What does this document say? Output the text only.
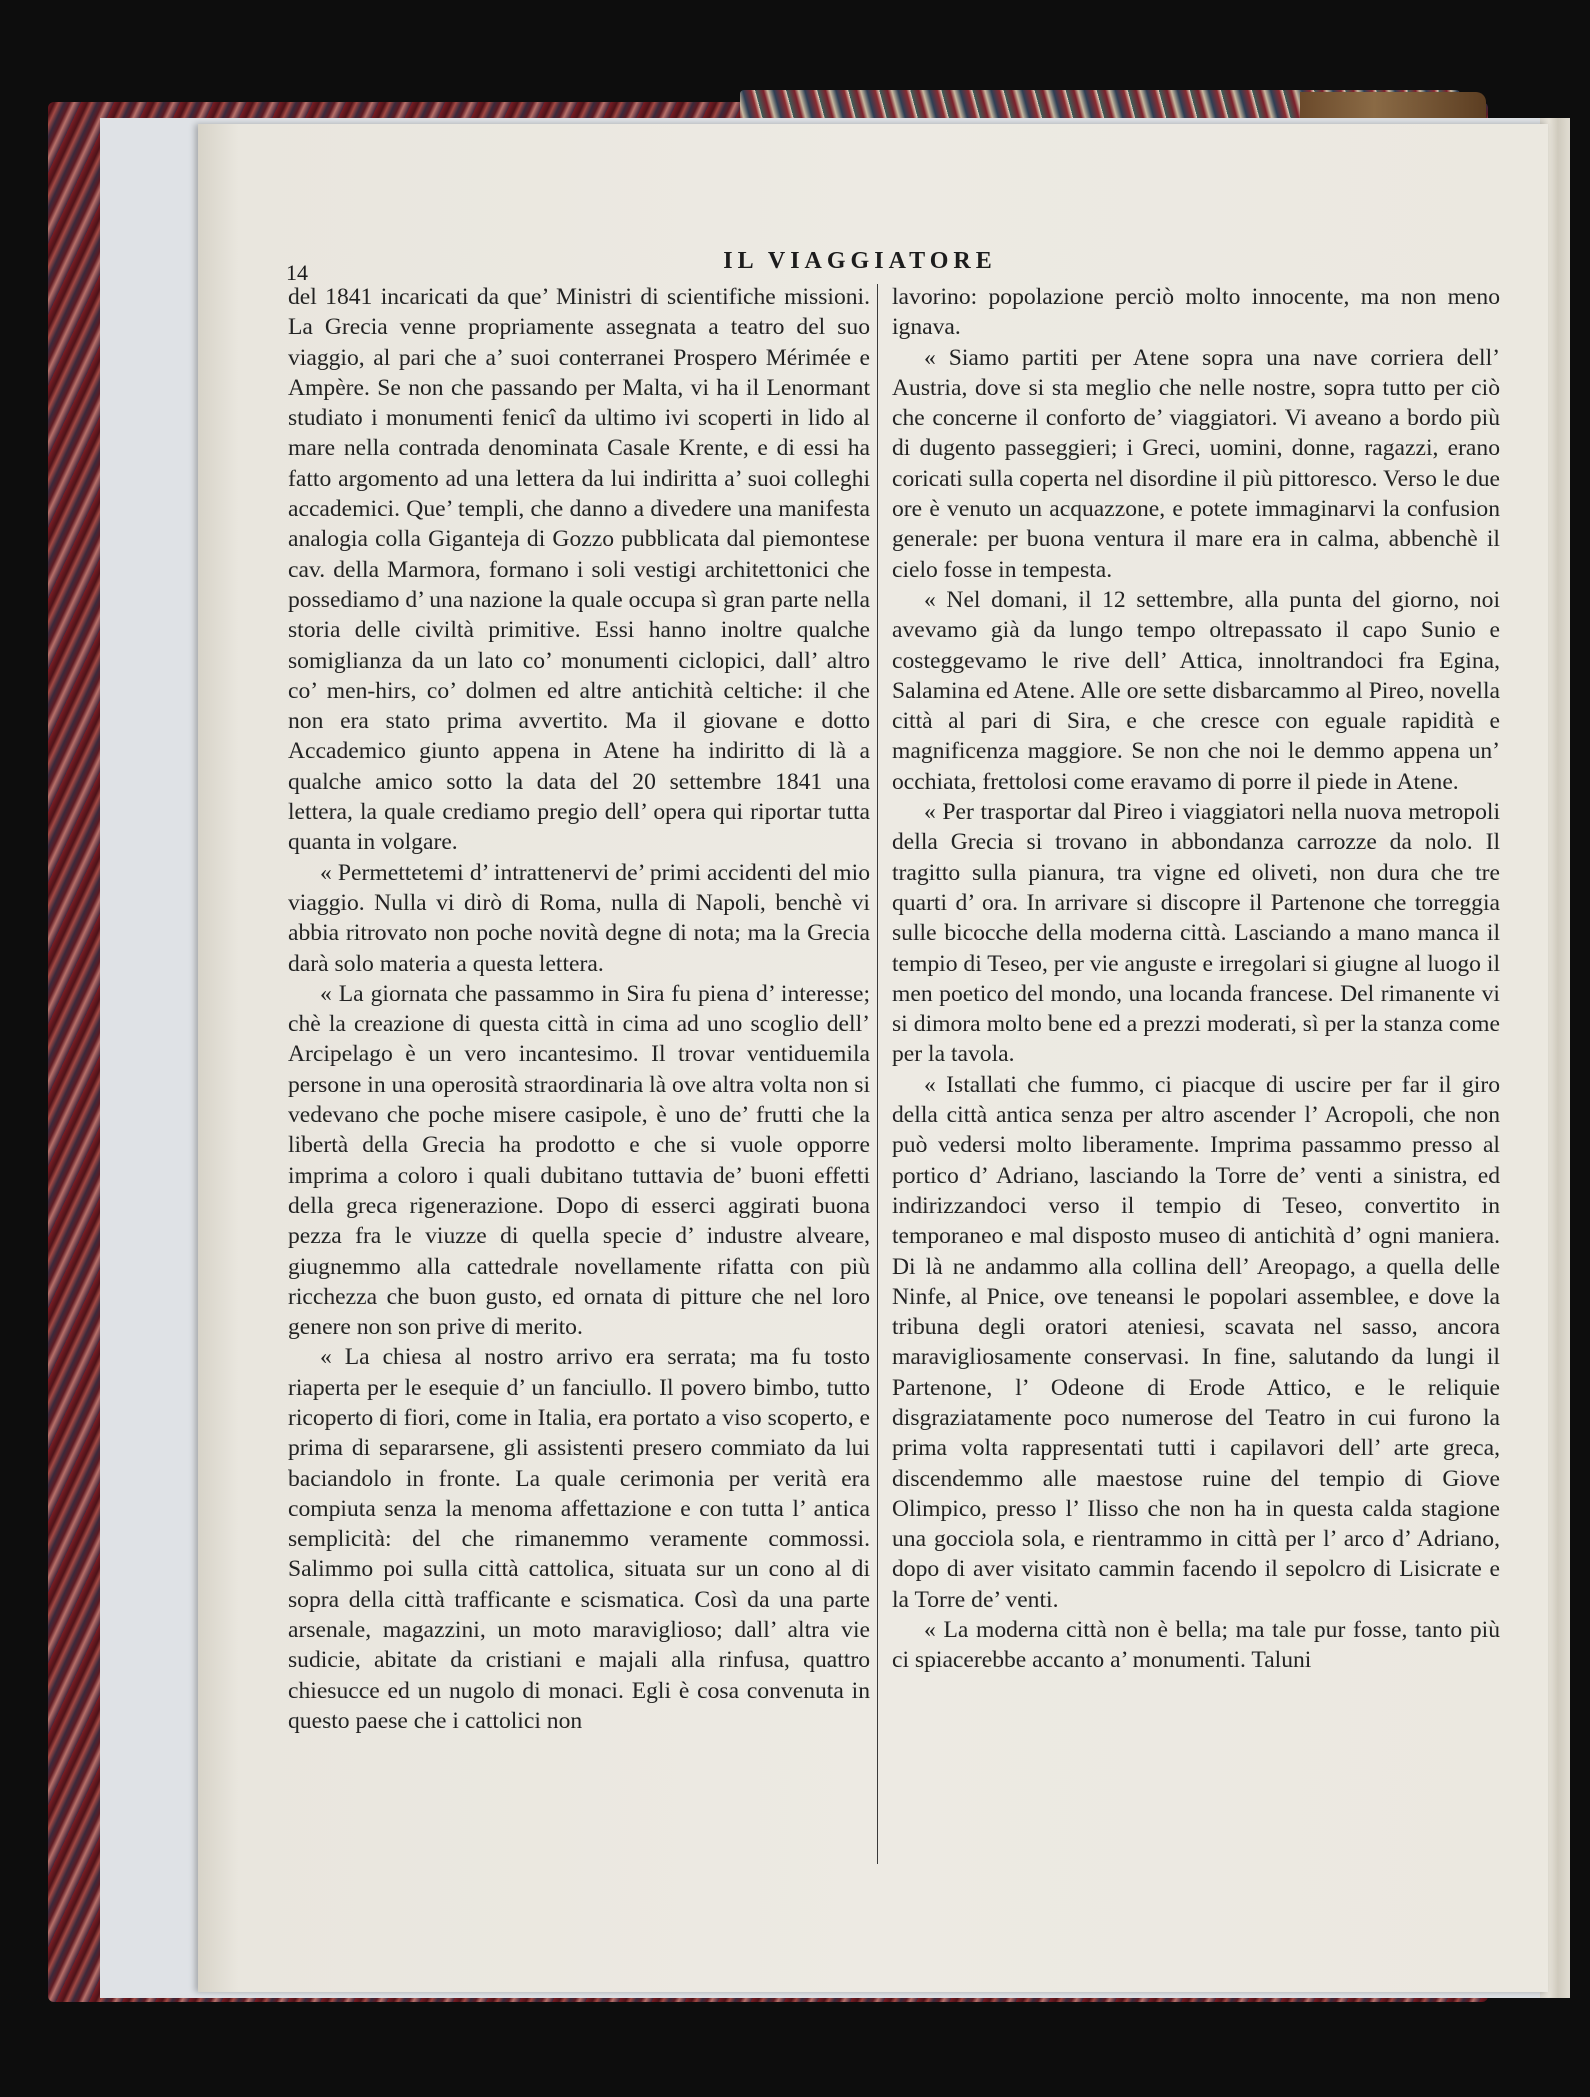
14	IL VIAGGIATORE

del 1841 incaricati da que’ Ministri di scientifiche missioni. La Grecia venne propriamente assegnata a teatro del suo viaggio, al pari che a’ suoi conterranei Prospero Mérimée e Ampère. Se non che passando per Malta, vi ha il Lenormant studiato i monumenti fenicî da ultimo ivi scoperti in lido al mare nella contrada denominata Casale Krente, e di essi ha fatto argomento ad una lettera da lui indiritta a’ suoi colleghi accademici. Que’ templi, che danno a divedere una manifesta analogia colla Giganteja di Gozzo pubblicata dal piemontese cav. della Marmora, formano i soli vestigi architettonici che possediamo d’ una nazione la quale occupa sì gran parte nella storia delle civiltà primitive. Essi hanno inoltre qualche somiglianza da un lato co’ monumenti ciclopici, dall’ altro co’ men-hirs, co’ dolmen ed altre antichità celtiche: il che non era stato prima avvertito. Ma il giovane e dotto Accademico giunto appena in Atene ha indiritto di là a qualche amico sotto la data del 20 settembre 1841 una lettera, la quale crediamo pregio dell’ opera qui riportar tutta quanta in volgare.

« Permettetemi d’ intrattenervi de’ primi accidenti del mio viaggio. Nulla vi dirò di Roma, nulla di Napoli, benchè vi abbia ritrovato non poche novità degne di nota; ma la Grecia darà solo materia a questa lettera.

« La giornata che passammo in Sira fu piena d’ interesse; chè la creazione di questa città in cima ad uno scoglio dell’ Arcipelago è un vero incantesimo. Il trovar ventiduemila persone in una operosità straordinaria là ove altra volta non si vedevano che poche misere casipole, è uno de’ frutti che la libertà della Grecia ha prodotto e che si vuole opporre imprima a coloro i quali dubitano tuttavia de’ buoni effetti della greca rigenerazione. Dopo di esserci aggirati buona pezza fra le viuzze di quella specie d’ industre alveare, giugnemmo alla cattedrale novellamente rifatta con più ricchezza che buon gusto, ed ornata di pitture che nel loro genere non son prive di merito.

« La chiesa al nostro arrivo era serrata; ma fu tosto riaperta per le esequie d’ un fanciullo. Il povero bimbo, tutto ricoperto di fiori, come in Italia, era portato a viso scoperto, e prima di separarsene, gli assistenti presero commiato da lui baciandolo in fronte. La quale cerimonia per verità era compiuta senza la menoma affettazione e con tutta l’ antica semplicità: del che rimanemmo veramente commossi. Salimmo poi sulla città cattolica, situata sur un cono al di sopra della città trafficante e scismatica. Così da una parte arsenale, magazzini, un moto maraviglioso; dall’ altra vie sudicie, abitate da cristiani e majali alla rinfusa, quattro chiesucce ed un nugolo di monaci. Egli è cosa convenuta in questo paese che i cattolici non

lavorino: popolazione perciò molto innocente, ma non meno ignava.

« Siamo partiti per Atene sopra una nave corriera dell’ Austria, dove si sta meglio che nelle nostre, sopra tutto per ciò che concerne il conforto de’ viaggiatori. Vi aveano a bordo più di dugento passeggieri; i Greci, uomini, donne, ragazzi, erano coricati sulla coperta nel disordine il più pittoresco. Verso le due ore è venuto un acquazzone, e potete immaginarvi la confusion generale: per buona ventura il mare era in calma, abbenchè il cielo fosse in tempesta.

« Nel domani, il 12 settembre, alla punta del giorno, noi avevamo già da lungo tempo oltrepassato il capo Sunio e costeggevamo le rive dell’ Attica, innoltrandoci fra Egina, Salamina ed Atene. Alle ore sette disbarcammo al Pireo, novella città al pari di Sira, e che cresce con eguale rapidità e magnificenza maggiore. Se non che noi le demmo appena un’ occhiata, frettolosi come eravamo di porre il piede in Atene.

« Per trasportar dal Pireo i viaggiatori nella nuova metropoli della Grecia si trovano in abbondanza carrozze da nolo. Il tragitto sulla pianura, tra vigne ed oliveti, non dura che tre quarti d’ ora. In arrivare si discopre il Partenone che torreggia sulle bicocche della moderna città. Lasciando a mano manca il tempio di Teseo, per vie anguste e irregolari si giugne al luogo il men poetico del mondo, una locanda francese. Del rimanente vi si dimora molto bene ed a prezzi moderati, sì per la stanza come per la tavola.

« Istallati che fummo, ci piacque di uscire per far il giro della città antica senza per altro ascender l’ Acropoli, che non può vedersi molto liberamente. Imprima passammo presso al portico d’ Adriano, lasciando la Torre de’ venti a sinistra, ed indirizzandoci verso il tempio di Teseo, convertito in temporaneo e mal disposto museo di antichità d’ ogni maniera. Di là ne andammo alla collina dell’ Areopago, a quella delle Ninfe, al Pnice, ove teneansi le popolari assemblee, e dove la tribuna degli oratori ateniesi, scavata nel sasso, ancora maravigliosamente conservasi. In fine, salutando da lungi il Partenone, l’ Odeone di Erode Attico, e le reliquie disgraziatamente poco numerose del Teatro in cui furono la prima volta rappresentati tutti i capilavori dell’ arte greca, discendemmo alle maestose ruine del tempio di Giove Olimpico, presso l’ Ilisso che non ha in questa calda stagione una gocciola sola, e rientrammo in città per l’ arco d’ Adriano, dopo di aver visitato cammin facendo il sepolcro di Lisicrate e la Torre de’ venti.

« La moderna città non è bella; ma tale pur fosse, tanto più ci spiacerebbe accanto a’ monumenti. Taluni
